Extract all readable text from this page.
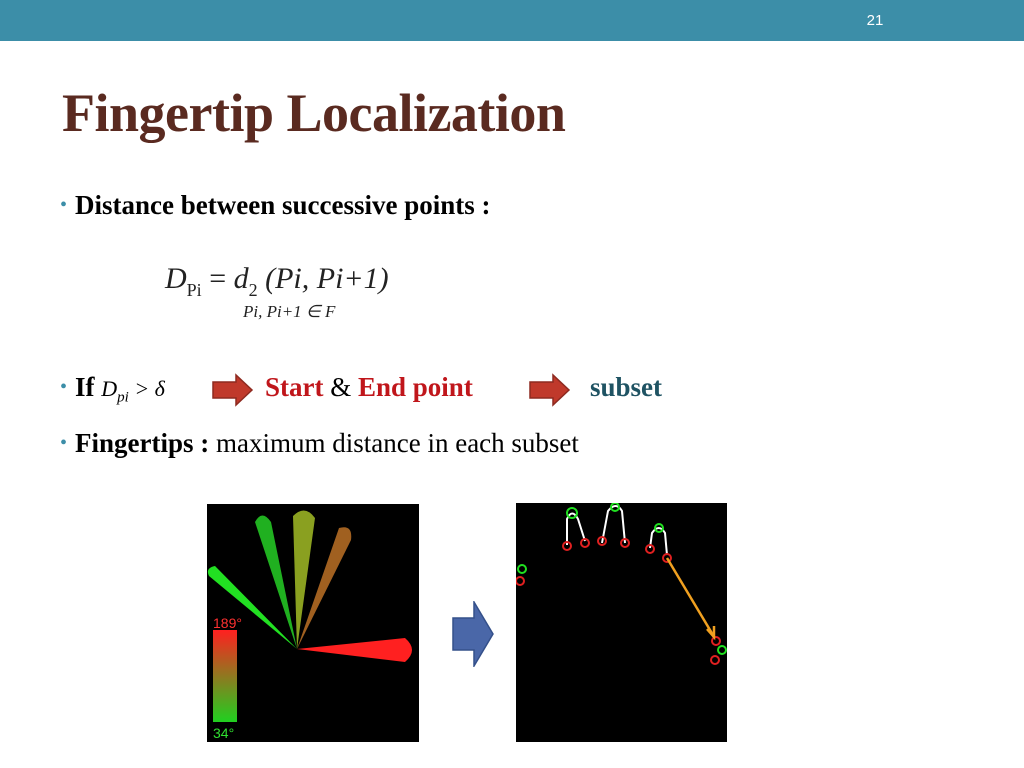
21
Fingertip Localization
• Distance between successive points :
$D_{Pi} = d_2$ (Pi, Pi+1)
Pi, Pi+1 ∈ F
• If $D_{pi} > \delta$	Start & End point	subset
• Fingertips : maximum distance in each subset
189°
34°
